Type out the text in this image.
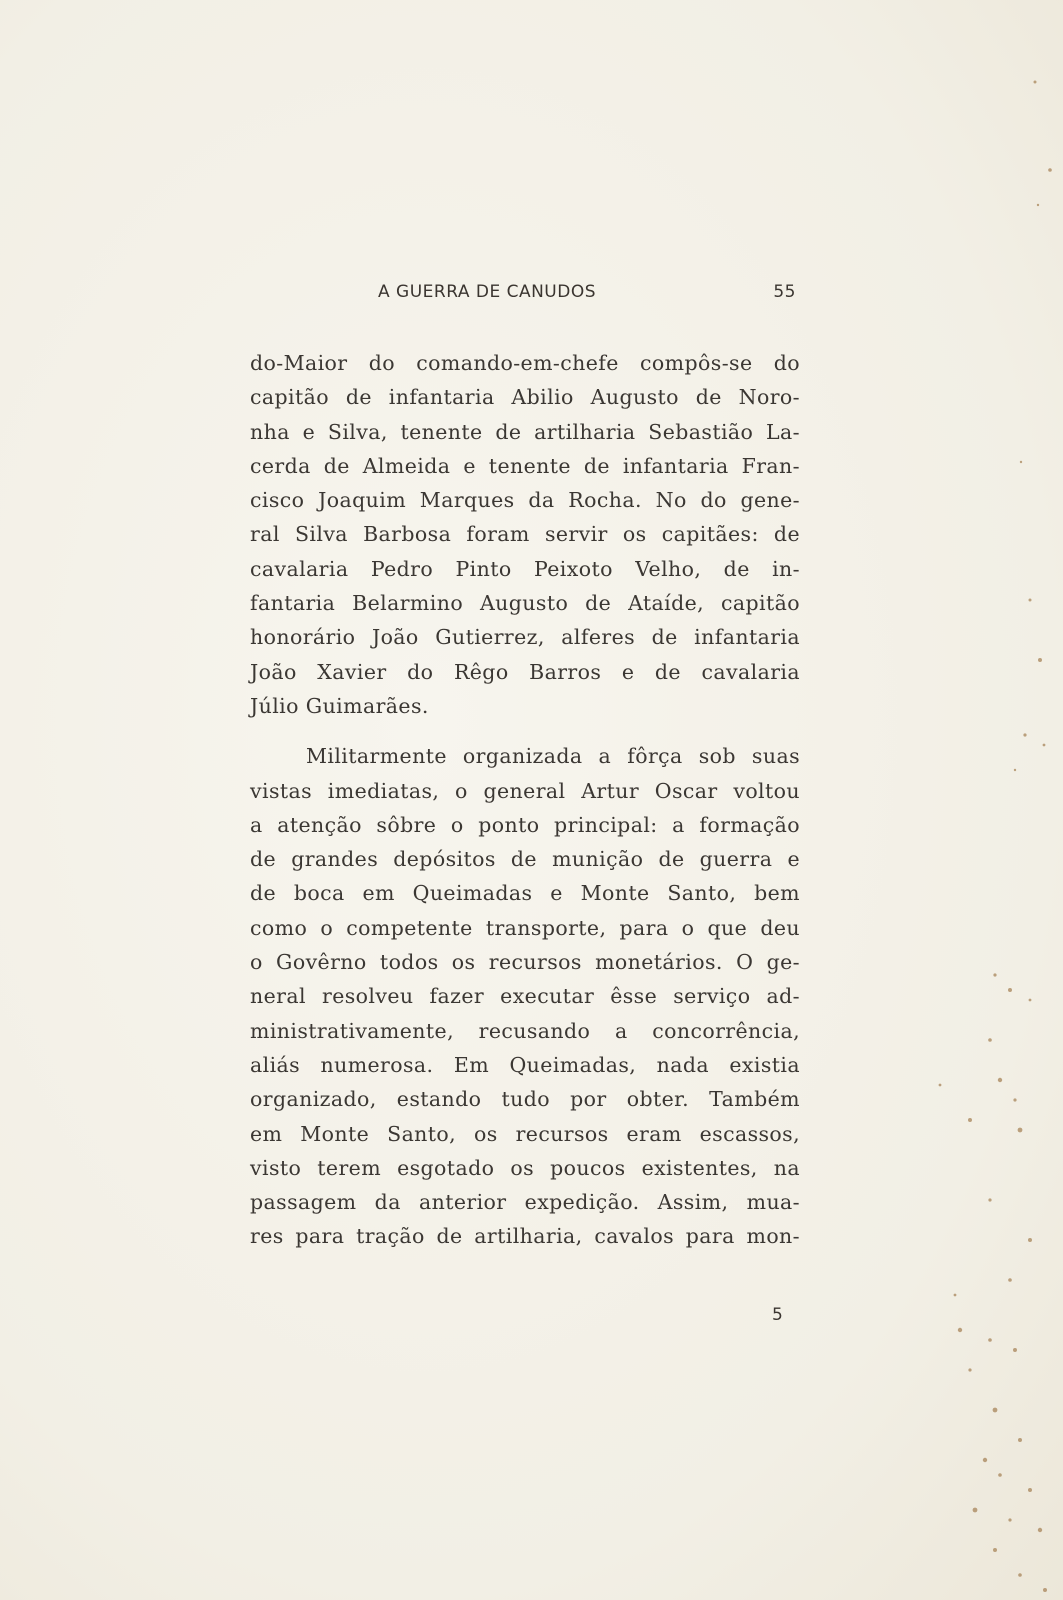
A GUERRA DE CANUDOS	55
do-Maior do comando-em-chefe compôs-se do
capitão de infantaria Abilio Augusto de Noro-
nha e Silva, tenente de artilharia Sebastião La-
cerda de Almeida e tenente de infantaria Fran-
cisco Joaquim Marques da Rocha. No do gene-
ral Silva Barbosa foram servir os capitães: de
cavalaria Pedro Pinto Peixoto Velho, de in-
fantaria Belarmino Augusto de Ataíde, capitão
honorário João Gutierrez, alferes de infantaria
João Xavier do Rêgo Barros e de cavalaria
Júlio Guimarães.
Militarmente organizada a fôrça sob suas
vistas imediatas, o general Artur Oscar voltou
a atenção sôbre o ponto principal: a formação
de grandes depósitos de munição de guerra e
de boca em Queimadas e Monte Santo, bem
como o competente transporte, para o que deu
o Govêrno todos os recursos monetários. O ge-
neral resolveu fazer executar êsse serviço ad-
ministrativamente, recusando a concorrência,
aliás numerosa. Em Queimadas, nada existia
organizado, estando tudo por obter. Também
em Monte Santo, os recursos eram escassos,
visto terem esgotado os poucos existentes, na
passagem da anterior expedição. Assim, mua-
res para tração de artilharia, cavalos para mon-
5
